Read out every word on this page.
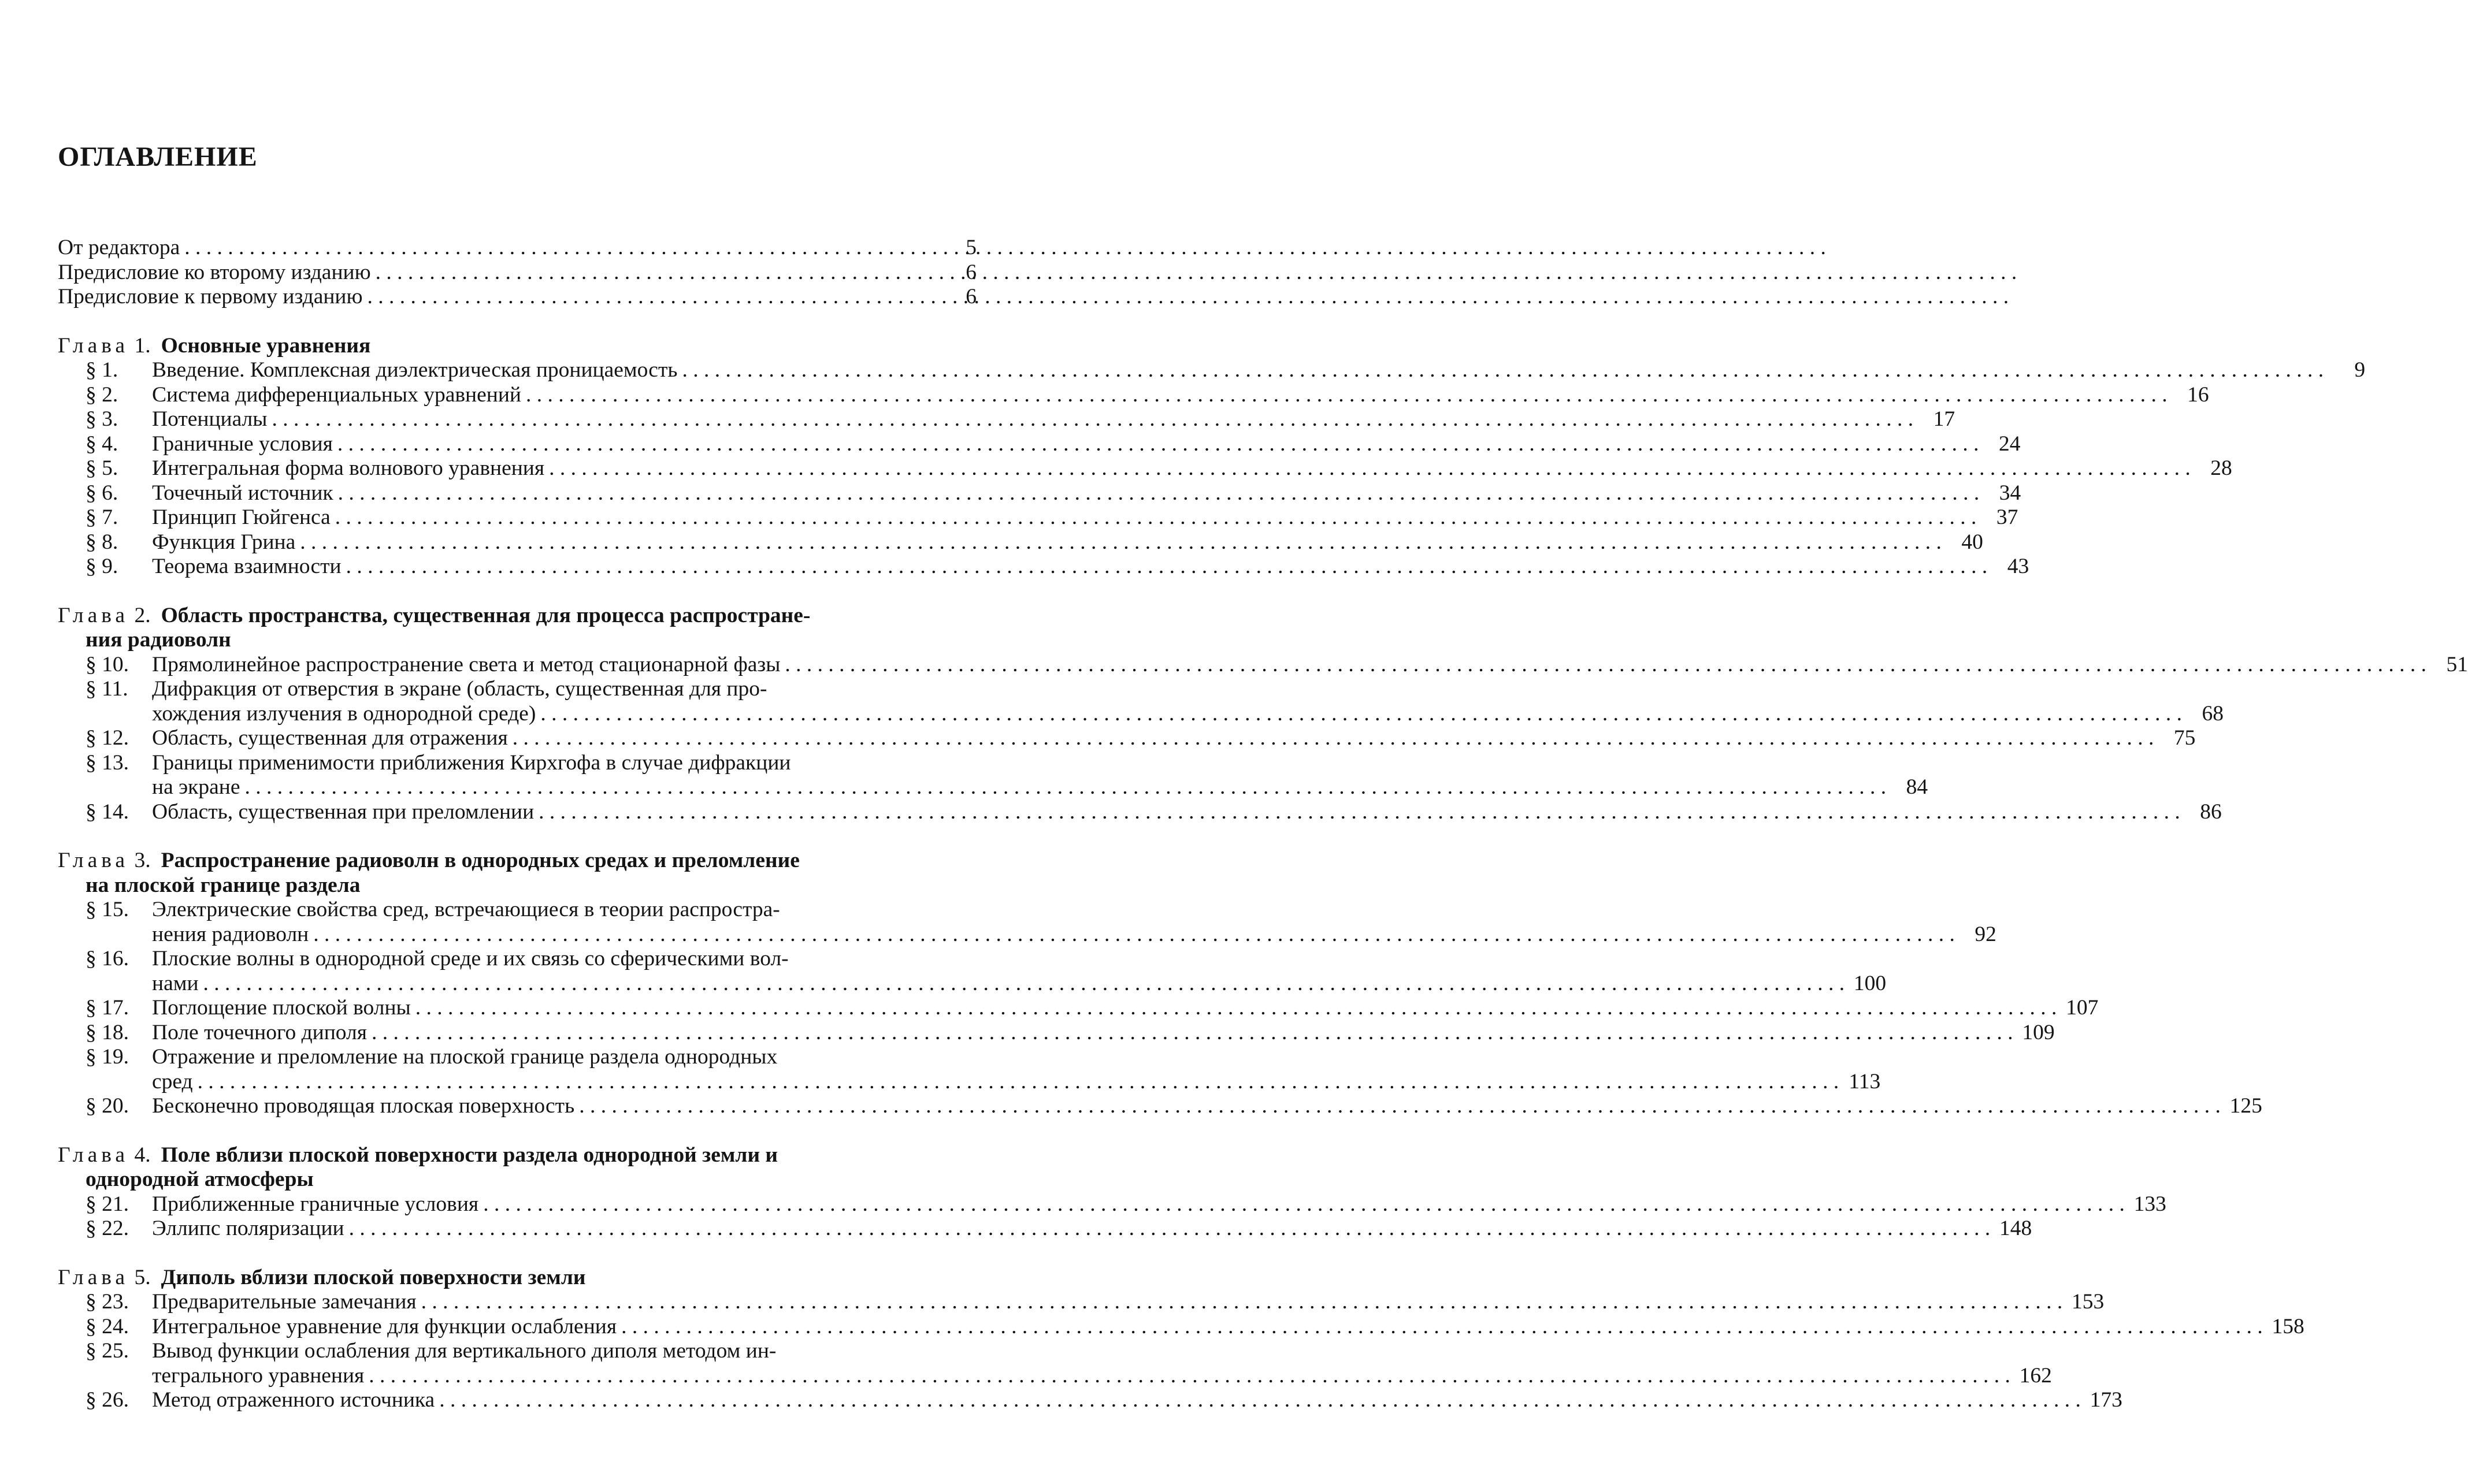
ОГЛАВЛЕНИЕ
От редактора . . .	5
Предисловие ко второму изданию . . .	6
Предисловие к первому изданию . . .	6
Глава 1. Основные уравнения
§ 1.	Введение. Комплексная диэлектрическая проницаемость . . .	9
§ 2.	Система дифференциальных уравнений . . .	16
§ 3.	Потенциалы . . .	17
§ 4.	Граничные условия . . .	24
§ 5.	Интегральная форма волнового уравнения . . .	28
§ 6.	Точечный источник . . .	34
§ 7.	Принцип Гюйгенса . . .	37
§ 8.	Функция Грина . . .	40
§ 9.	Теорема взаимности . . .	43
Глава 2. Область пространства, существенная для процесса распростране-
ния радиоволн
§ 10.	Прямолинейное распространение света и метод стационарной фазы . . .	51
§ 11.	Дифракция от отверстия в экране (область, существенная для про-
хождения излучения в однородной среде) . . .	68
§ 12.	Область, существенная для отражения . . .	75
§ 13.	Границы применимости приближения Кирхгофа в случае дифракции
на экране . . .	84
§ 14.	Область, существенная при преломлении . . .	86
Глава 3. Распространение радиоволн в однородных средах и преломление
на плоской границе раздела
§ 15.	Электрические свойства сред, встречающиеся в теории распростра-
нения радиоволн . . .	92
§ 16.	Плоские волны в однородной среде и их связь со сферическими вол-
нами . . .	100
§ 17.	Поглощение плоской волны . . .	107
§ 18.	Поле точечного диполя . . .	109
§ 19.	Отражение и преломление на плоской границе раздела однородных
сред . . .	113
§ 20.	Бесконечно проводящая плоская поверхность . . .	125
Глава 4. Поле вблизи плоской поверхности раздела однородной земли и
однородной атмосферы
§ 21.	Приближенные граничные условия . . .	133
§ 22.	Эллипс поляризации . . .	148
Глава 5. Диполь вблизи плоской поверхности земли
§ 23.	Предварительные замечания . . .	153
§ 24.	Интегральное уравнение для функции ослабления . . .	158
§ 25.	Вывод функции ослабления для вертикального диполя методом ин-
тегрального уравнения . . .	162
§ 26.	Метод отраженного источника . . .	173
